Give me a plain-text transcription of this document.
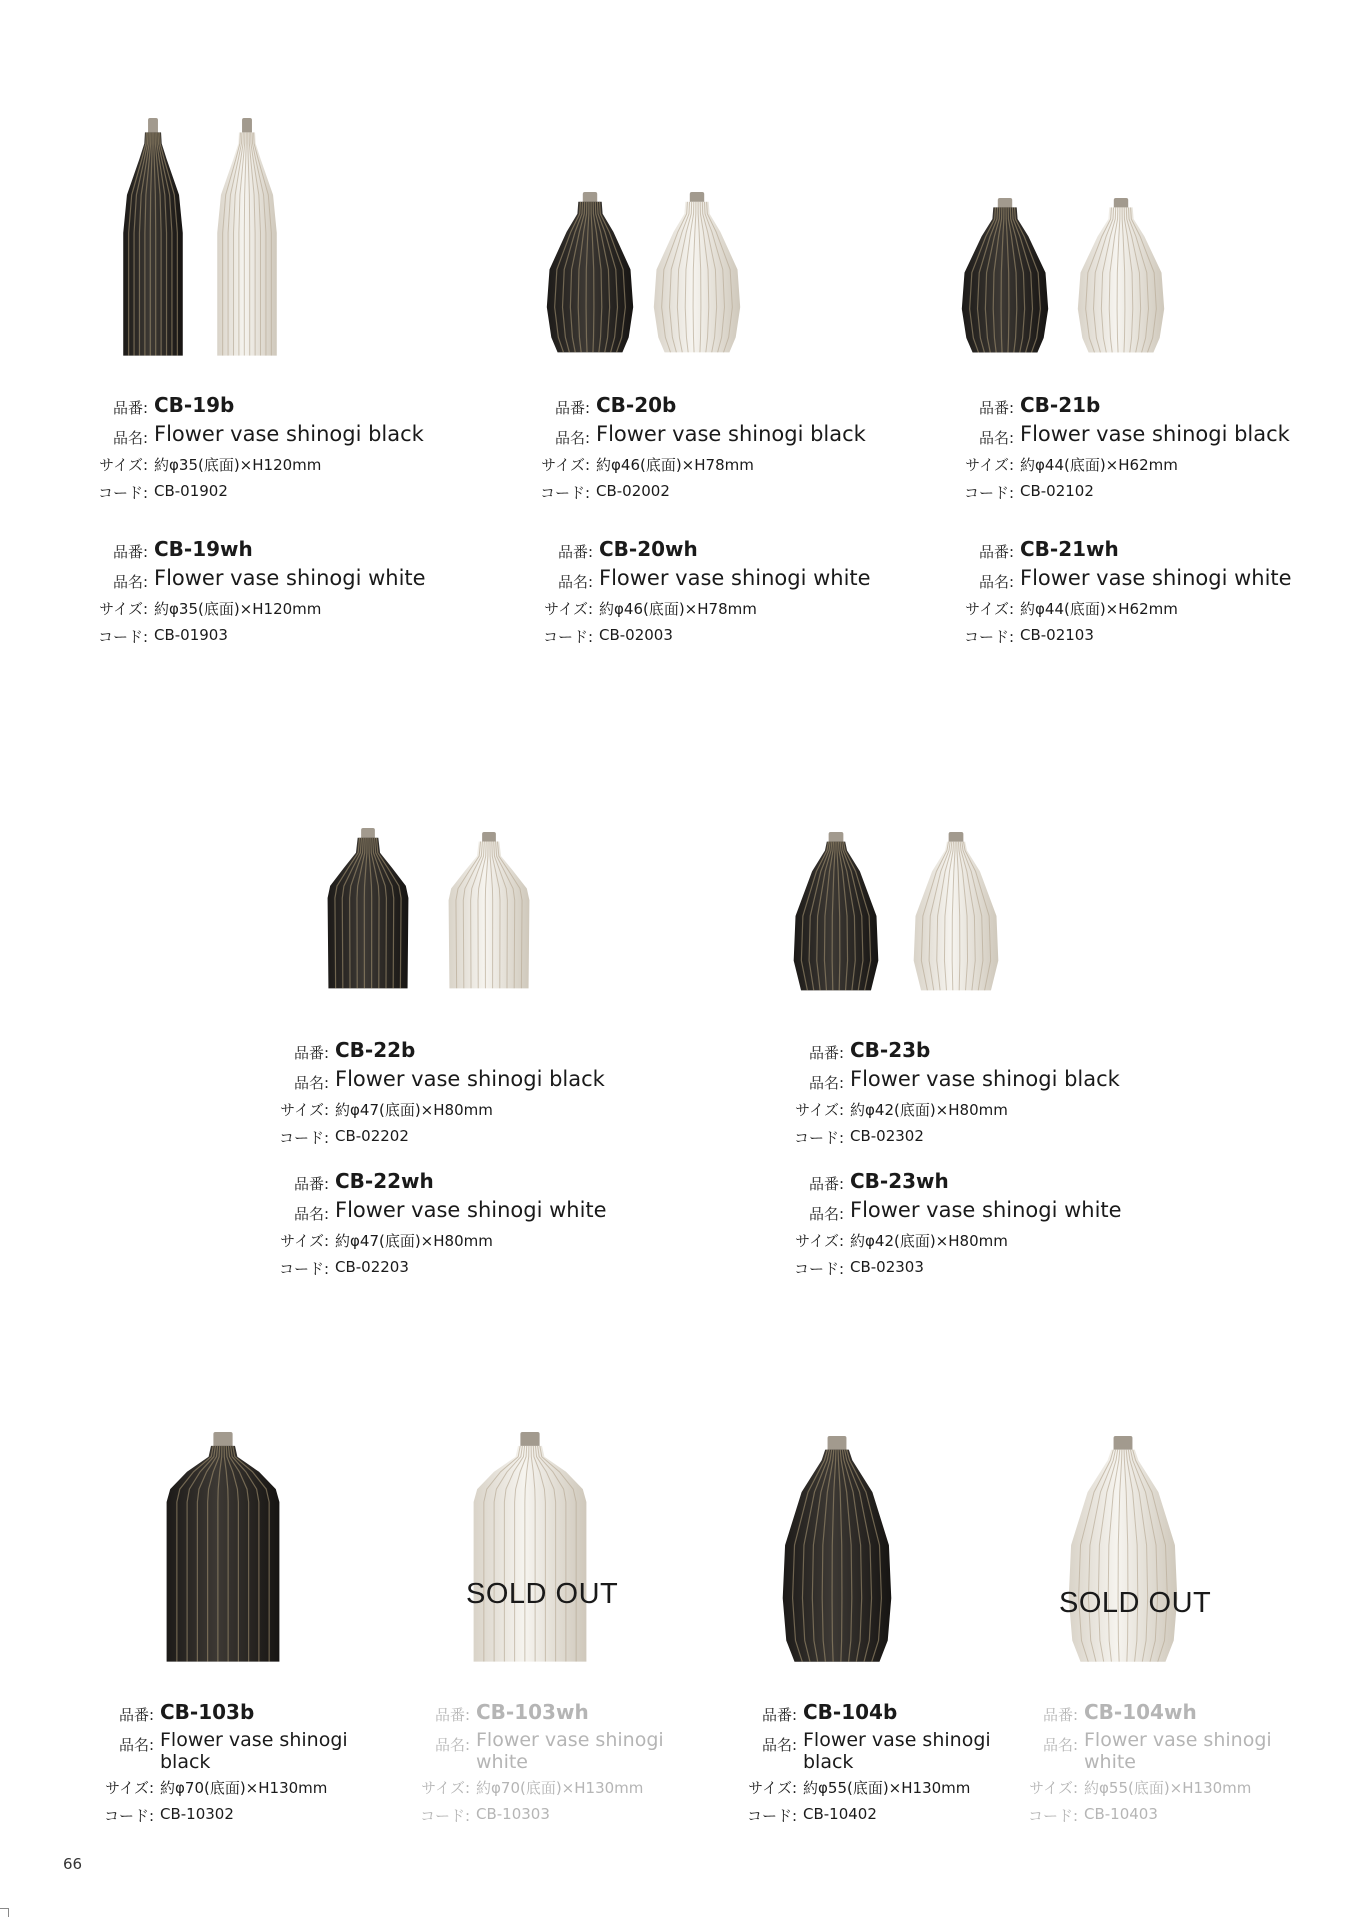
SOLD OUT	SOLD OUT
品番: CB-19b
品名: Flower vase shinogi black
サイズ: 約φ35(底面)×H120mm
コード: CB-01902
品番: CB-19wh
品名: Flower vase shinogi white
サイズ: 約φ35(底面)×H120mm
コード: CB-01903
品番: CB-20b
品名: Flower vase shinogi black
サイズ: 約φ46(底面)×H78mm
コード: CB-02002
品番: CB-20wh
品名: Flower vase shinogi white
サイズ: 約φ46(底面)×H78mm
コード: CB-02003
品番: CB-21b
品名: Flower vase shinogi black
サイズ: 約φ44(底面)×H62mm
コード: CB-02102
品番: CB-21wh
品名: Flower vase shinogi white
サイズ: 約φ44(底面)×H62mm
コード: CB-02103
品番: CB-22b
品名: Flower vase shinogi black
サイズ: 約φ47(底面)×H80mm
コード: CB-02202
品番: CB-22wh
品名: Flower vase shinogi white
サイズ: 約φ47(底面)×H80mm
コード: CB-02203
品番: CB-23b
品名: Flower vase shinogi black
サイズ: 約φ42(底面)×H80mm
コード: CB-02302
品番: CB-23wh
品名: Flower vase shinogi white
サイズ: 約φ42(底面)×H80mm
コード: CB-02303
品番: CB-103b
品名: Flower vase shinogi black
サイズ: 約φ70(底面)×H130mm
コード: CB-10302
品番: CB-103wh
品名: Flower vase shinogi white
サイズ: 約φ70(底面)×H130mm
コード: CB-10303
品番: CB-104b
品名: Flower vase shinogi black
サイズ: 約φ55(底面)×H130mm
コード: CB-10402
品番: CB-104wh
品名: Flower vase shinogi white
サイズ: 約φ55(底面)×H130mm
コード: CB-10403
66
